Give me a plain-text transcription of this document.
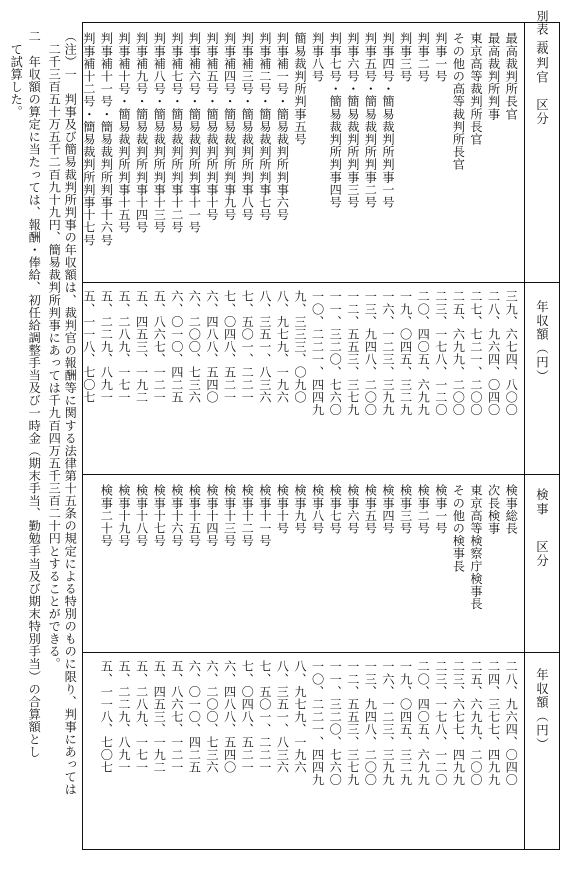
別表一
裁判官
区分
年収額（円）
検事
区分
年収額（円）
最高裁判所長官
三九、六七四、八〇〇
最高裁判所判事
二八、九六四、〇四〇
東京高等裁判所長官
二七、七二一、二〇〇
その他の高等裁判所長官
二五、六九九、二〇〇
判事一号
二三、一七八、一二〇
判事二号
二〇、四〇五、六九九
判事三号
一九、〇四五、三二九
判事四号・簡易裁判所判事一号
一六、一二三、三九九
判事五号・簡易裁判所判事二号
一三、九四八、二〇〇
判事六号・簡易裁判所判事三号
一二、五五三、三七九
判事七号・簡易裁判所判事四号
一一、三二〇、七六〇
判事八号
一〇、二二一、四四九
簡易裁判所判事五号
九、三三三、〇九〇
判事補一号・簡易裁判所判事六号
八、九七九、一九六
判事補二号・簡易裁判所判事七号
八、三五一、八三六
判事補三号・簡易裁判所判事八号
七、五〇一、二二一
判事補四号・簡易裁判所判事九号
七、〇四八、五二一
判事補五号・簡易裁判所判事十号
六、四八八、五四〇
判事補六号・簡易裁判所判事十一号
六、二〇〇、七三六
判事補七号・簡易裁判所判事十二号
六、〇一〇、四二五
判事補八号・簡易裁判所判事十三号
五、八六七、一二一
判事補九号・簡易裁判所判事十四号
五、四五三、一九二
判事補十号・簡易裁判所判事十五号
五、二八九、一七一
判事補十一号・簡易裁判所判事十六号
五、二二九、八九一
判事補十二号・簡易裁判所判事十七号
五、一一八、七〇七
検事総長
二八、九六四、〇四〇
次長検事
二四、三七七、四九九
東京高等検察庁検事長
二五、六九九、二〇〇
その他の検事長
二三、六七七、四九九
検事一号
二三、一七八、一二〇
検事二号
二〇、四〇五、六九九
検事三号
一九、〇四五、三二九
検事四号
一六、一二三、三九九
検事五号
一三、九四八、二〇〇
検事六号
一二、五五三、三七九
検事七号
一一、三二〇、七六〇
検事八号
一〇、二二一、四四九
検事九号
八、九七九、一九六
検事十号
八、三五一、八三六
検事十一号
七、五〇一、二二一
検事十二号
七、〇四八、五二一
検事十三号
六、四八八、五四〇
検事十四号
六、二〇〇、七三六
検事十五号
六、〇一〇、四二五
検事十六号
五、八六七、一二一
検事十七号
五、四五三、一九二
検事十八号
五、二八九、一七一
検事十九号
五、二二九、八九一
検事二十号
五、一一八、七〇七
（注）一　判事及び簡易裁判所判事の年収額は、裁判官の報酬等に関する法律第十五条の規定による特別のものに限り、判事にあっては
　二千三百五十万五千二百九十九円、簡易裁判所判事にあっては千九百四万五千三百二十円とすることができる。
二　年収額の算定に当たっては、報酬・俸給、初任給調整手当及び一時金（期末手当、勤勉手当及び期末特別手当）の合算額とし
　て試算した。
